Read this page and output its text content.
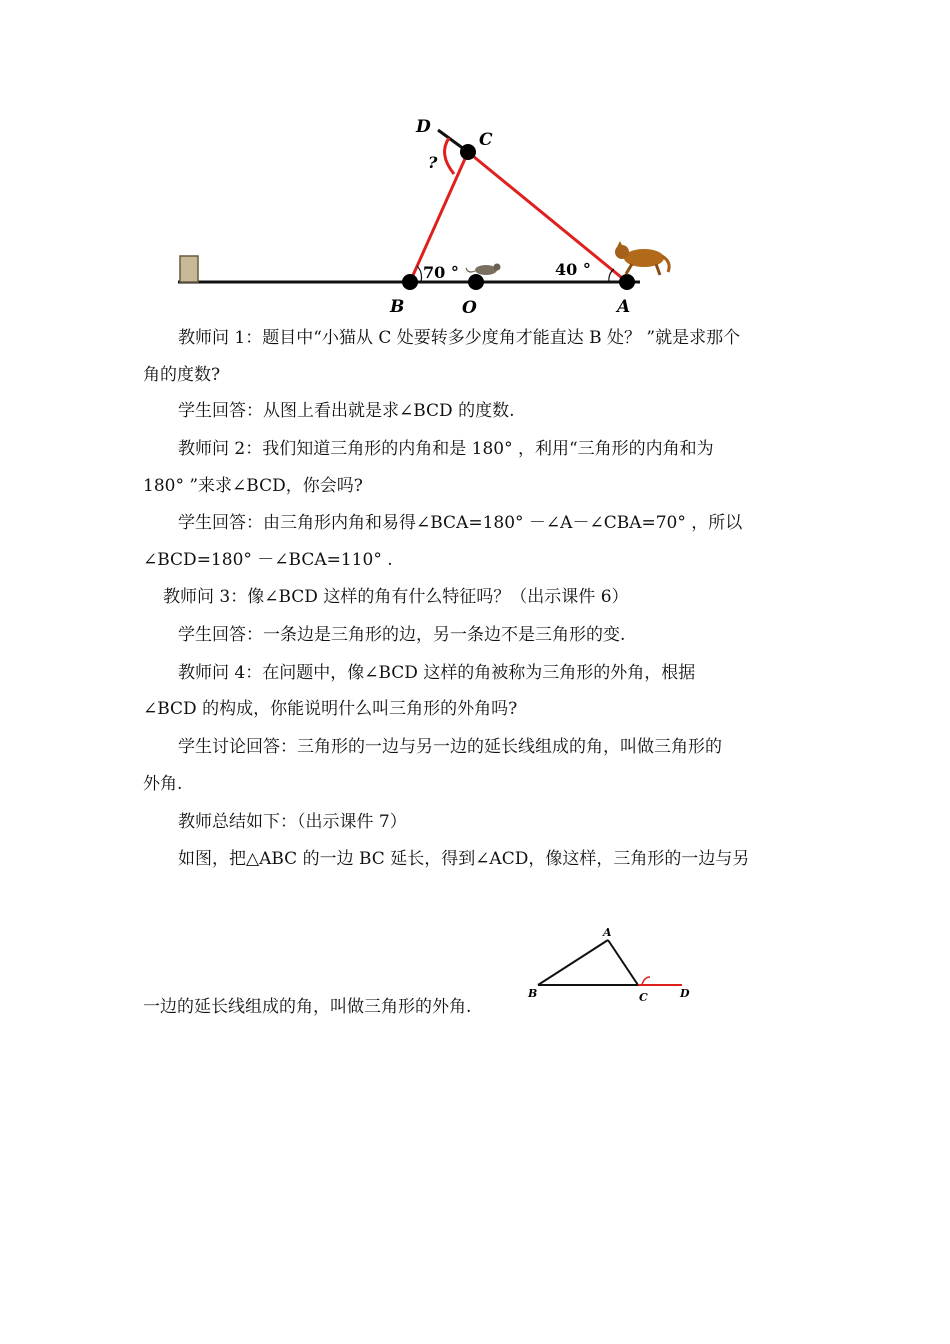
D
C
?
B	O	A
70 °	40 °

教师问 1：题目中“小猫从 C 处要转多少度角才能直达 B 处？ ”就是求那个

角的度数?

学生回答：从图上看出就是求∠BCD 的度数.

教师问 2：我们知道三角形的内角和是 180° ，利用“三角形的内角和为

180° ”来求∠BCD，你会吗?

学生回答：由三角形内角和易得∠BCA=180° －∠A－∠CBA=70° ，所以

∠BCD=180° －∠BCA=110° .

教师问 3：像∠BCD 这样的角有什么特征吗？（出示课件 6）

学生回答：一条边是三角形的边，另一条边不是三角形的变.

教师问 4：在问题中，像∠BCD 这样的角被称为三角形的外角，根据

∠BCD 的构成，你能说明什么叫三角形的外角吗?

学生讨论回答：三角形的一边与另一边的延长线组成的角，叫做三角形的

外角.

教师总结如下：（出示课件 7）

如图，把△ABC 的一边 BC 延长，得到∠ACD，像这样，三角形的一边与另

一边的延长线组成的角，叫做三角形的外角.

A
B	C	D
